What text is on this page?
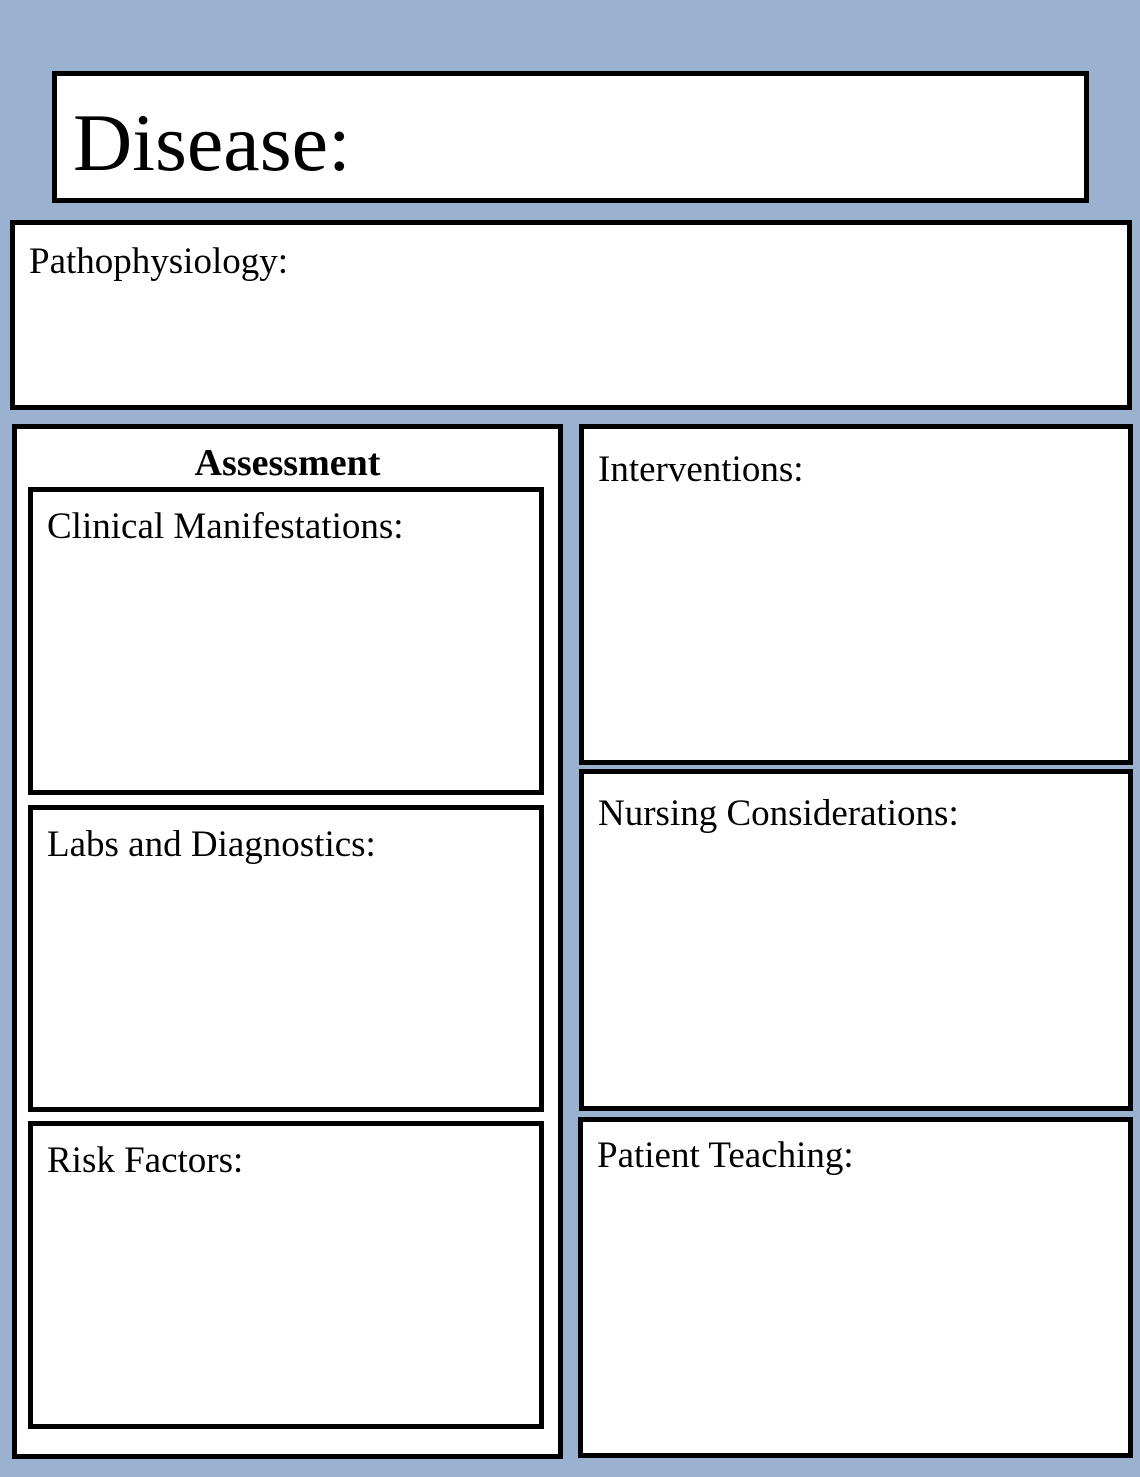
Disease:
Pathophysiology:
Assessment
Clinical Manifestations:
Labs and Diagnostics:
Risk Factors:
Interventions:
Nursing Considerations:
Patient Teaching:
